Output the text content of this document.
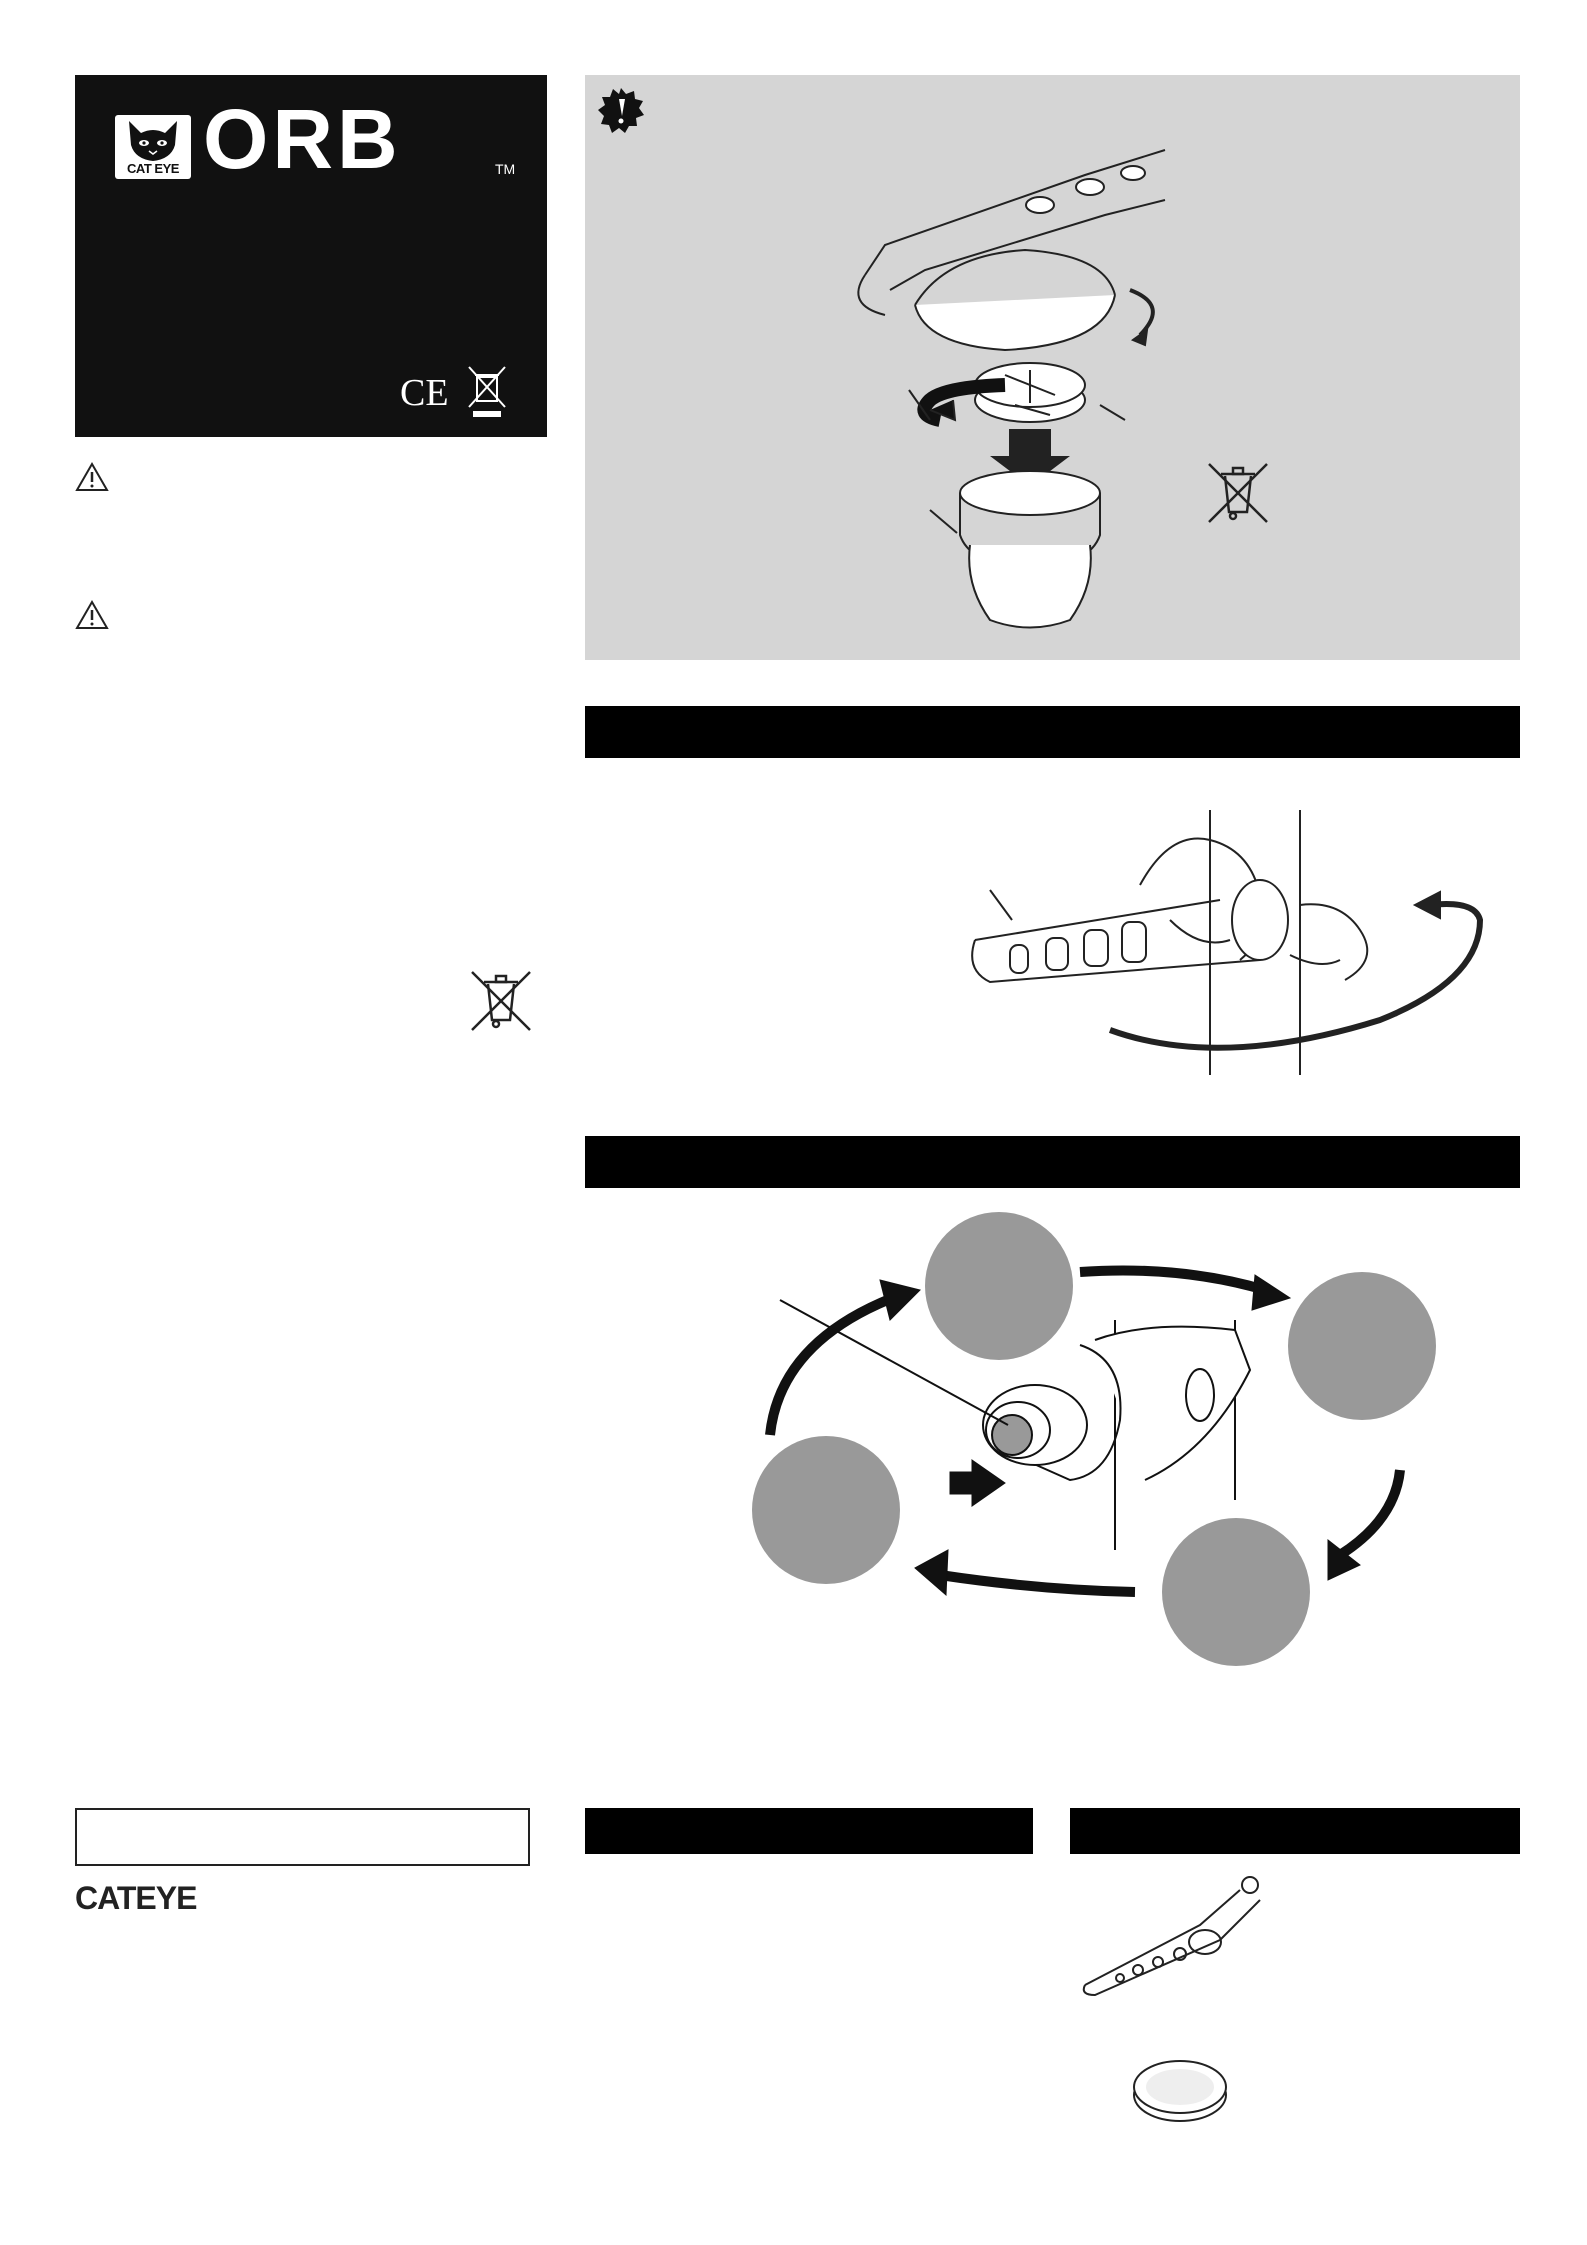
CAT EYE ORB	TM
CE
CATEYE
